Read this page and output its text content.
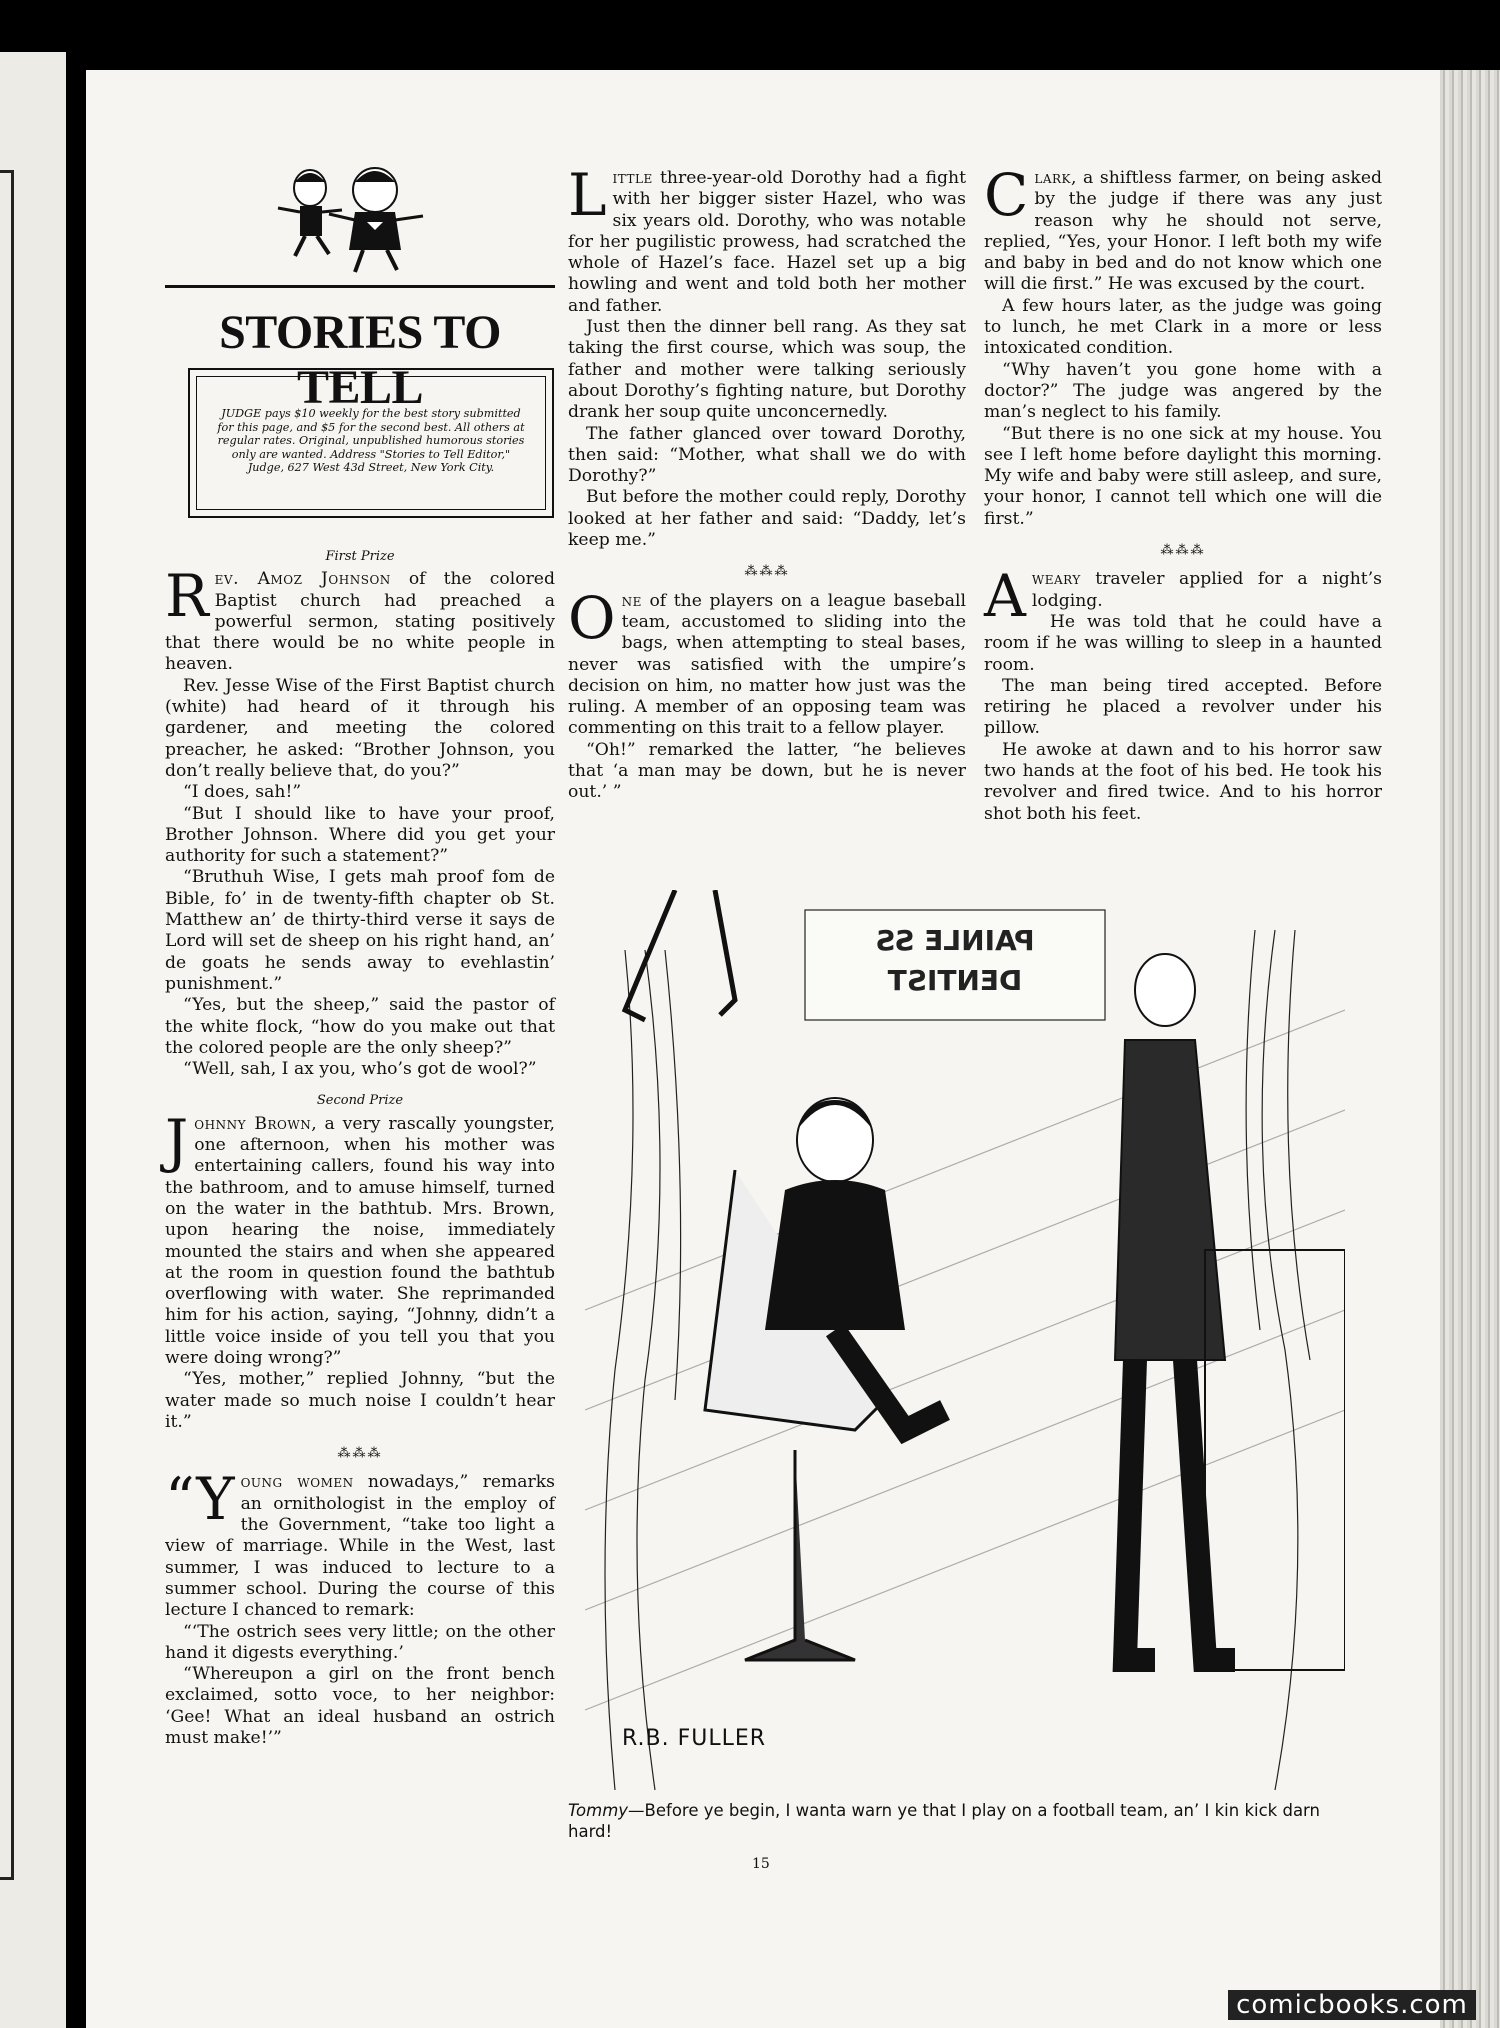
STORIES TO TELL
JUDGE pays $10 weekly for the best story submitted for this page, and $5 for the second best. All others at regular rates. Original, unpublished humorous stories only are wanted. Address "Stories to Tell Editor," Judge, 627 West 43d Street, New York City.
First Prize

Rev. Amoz Johnson of the colored Baptist church had preached a powerful sermon, stating positively that there would be no white people in heaven.

Rev. Jesse Wise of the First Baptist church (white) had heard of it through his gardener, and meeting the colored preacher, he asked: “Brother Johnson, you don’t really believe that, do you?”

“I does, sah!”

“But I should like to have your proof, Brother Johnson. Where did you get your authority for such a statement?”

“Bruthuh Wise, I gets mah proof fom de Bible, fo’ in de twenty-fifth chapter ob St. Matthew an’ de thirty-third verse it says de Lord will set de sheep on his right hand, an’ de goats he sends away to evehlastin’ punishment.”

“Yes, but the sheep,” said the pastor of the white flock, “how do you make out that the colored people are the only sheep?”

“Well, sah, I ax you, who’s got de wool?”

Second Prize

Johnny Brown, a very rascally youngster, one afternoon, when his mother was entertaining callers, found his way into the bathroom, and to amuse himself, turned on the water in the bathtub. Mrs. Brown, upon hearing the noise, immediately mounted the stairs and when she appeared at the room in question found the bathtub overflowing with water. She reprimanded him for his action, saying, “Johnny, didn’t a little voice inside of you tell you that you were doing wrong?”

“Yes, mother,” replied Johnny, “but the water made so much noise I couldn’t hear it.”

⁂⁂⁂

“Young women nowadays,” remarks an ornithologist in the employ of the Government, “take too light a view of marriage. While in the West, last summer, I was induced to lecture to a summer school. During the course of this lecture I chanced to remark:

“‘The ostrich sees very little; on the other hand it digests everything.’

“Whereupon a girl on the front bench exclaimed, sotto voce, to her neighbor: ‘Gee! What an ideal husband an ostrich must make!’”

Little three-year-old Dorothy had a fight with her bigger sister Hazel, who was six years old. Dorothy, who was notable for her pugilistic prowess, had scratched the whole of Hazel’s face. Hazel set up a big howling and went and told both her mother and father.

Just then the dinner bell rang. As they sat taking the first course, which was soup, the father and mother were talking seriously about Dorothy’s fighting nature, but Dorothy drank her soup quite unconcernedly.

The father glanced over toward Dorothy, then said: “Mother, what shall we do with Dorothy?”

But before the mother could reply, Dorothy looked at her father and said: “Daddy, let’s keep me.”

⁂⁂⁂

One of the players on a league baseball team, accustomed to sliding into the bags, when attempting to steal bases, never was satisfied with the umpire’s decision on him, no matter how just was the ruling. A member of an opposing team was commenting on this trait to a fellow player.

“Oh!” remarked the latter, “he believes that ‘a man may be down, but he is never out.’ ”

Clark, a shiftless farmer, on being asked by the judge if there was any just reason why he should not serve, replied, “Yes, your Honor. I left both my wife and baby in bed and do not know which one will die first.” He was excused by the court.

A few hours later, as the judge was going to lunch, he met Clark in a more or less intoxicated condition.

“Why haven’t you gone home with a doctor?” The judge was angered by the man’s neglect to his family.

“But there is no one sick at my house. You see I left home before daylight this morning. My wife and baby were still asleep, and sure, your honor, I cannot tell which one will die first.”

⁂⁂⁂

Aweary traveler applied for a night’s lodging.

He was told that he could have a room if he was willing to sleep in a haunted room.

The man being tired accepted. Before retiring he placed a revolver under his pillow.

He awoke at dawn and to his horror saw two hands at the foot of his bed. He took his revolver and fired twice. And to his horror shot both his feet.

PAINLE SS
DENTIST
R.B. FULLER
R.B. FULLER
Tommy—Before ye begin, I wanta warn ye that I play on a football team, an’ I kin kick darn hard!
15
comicbooks.com
